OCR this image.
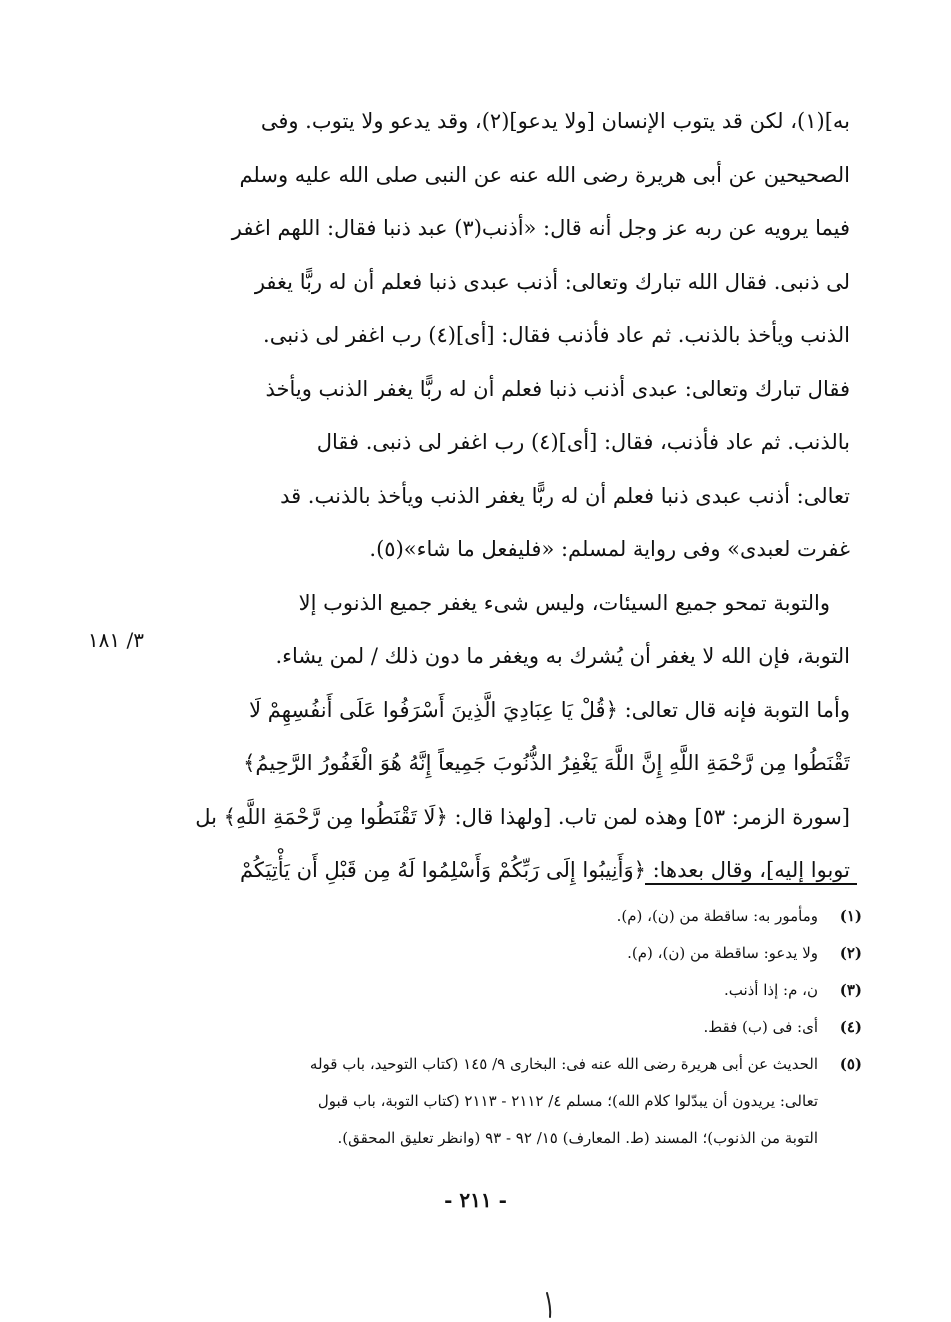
به](١)، لكن قد يتوب الإنسان [ولا يدعو](٢)، وقد يدعو ولا يتوب. وفى
الصحيحين عن أبى هريرة رضى الله عنه عن النبى صلى الله عليه وسلم
فيما يرويه عن ربه عز وجل أنه قال: «أذنب(٣) عبد ذنبا فقال: اللهم اغفر
لى ذنبى. فقال الله تبارك وتعالى: أذنب عبدى ذنبا فعلم أن له ربًّا يغفر
الذنب ويأخذ بالذنب. ثم عاد فأذنب فقال: [أى](٤) رب اغفر لى ذنبى.
فقال تبارك وتعالى: عبدى أذنب ذنبا فعلم أن له ربًّا يغفر الذنب ويأخذ
بالذنب. ثم عاد فأذنب، فقال: [أى](٤) رب اغفر لى ذنبى. فقال
تعالى: أذنب عبدى ذنبا فعلم أن له ربًّا يغفر الذنب ويأخذ بالذنب. قد
غفرت لعبدى» وفى رواية لمسلم: «فليفعل ما شاء»(٥).
والتوبة تمحو جميع السيئات، وليس شىء يغفر جميع الذنوب إلا
التوبة، فإن الله لا يغفر أن يُشرك به ويغفر ما دون ذلك / لمن يشاء.
وأما التوبة فإنه قال تعالى: ﴿قُلْ يَا عِبَادِيَ الَّذِينَ أَسْرَفُوا عَلَى أَنفُسِهِمْ لَا
تَقْنَطُوا مِن رَّحْمَةِ اللَّهِ إِنَّ اللَّهَ يَغْفِرُ الذُّنُوبَ جَمِيعاً إِنَّهُ هُوَ الْغَفُورُ الرَّحِيمُ﴾
[سورة الزمر: ٥٣] وهذه لمن تاب. [ولهذا قال: ﴿لَا تَقْنَطُوا مِن رَّحْمَةِ اللَّهِ﴾ بل
توبوا إليه]، وقال بعدها: ﴿وَأَنِيبُوا إِلَى رَبِّكُمْ وَأَسْلِمُوا لَهُ مِن قَبْلِ أَن يَأْتِيَكُمْ
٣/ ١٨١
(١)
ومأمور به: ساقطة من (ن)، (م).
(٢)
ولا يدعو: ساقطة من (ن)، (م).
(٣)
ن، م: إذا أذنب.
(٤)
أى: فى (ب) فقط.
(٥)
الحديث عن أبى هريرة رضى الله عنه فى: البخارى ٩/ ١٤٥ (كتاب التوحيد، باب قوله
تعالى: يريدون أن يبدّلوا كلام الله)؛ مسلم ٤/ ٢١١٢ - ٢١١٣ (كتاب التوبة، باب قبول
التوبة من الذنوب)؛ المسند (ط. المعارف) ١٥/ ٩٢ - ٩٣ (وانظر تعليق المحقق).
- ٢١١ -
